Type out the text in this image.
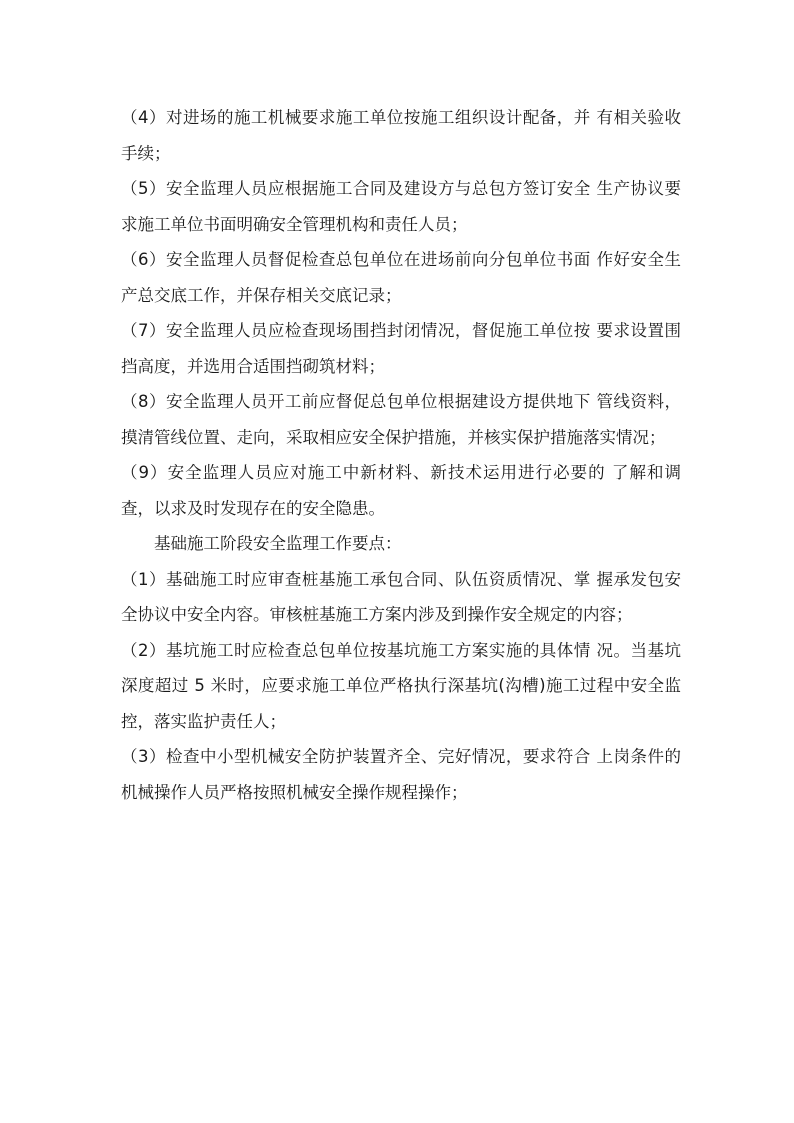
（4）对进场的施工机械要求施工单位按施工组织设计配备，并 有相关验收手续；

（5）安全监理人员应根据施工合同及建设方与总包方签订安全 生产协议要求施工单位书面明确安全管理机构和责任人员；

（6）安全监理人员督促检查总包单位在进场前向分包单位书面 作好安全生产总交底工作，并保存相关交底记录；

（7）安全监理人员应检查现场围挡封闭情况，督促施工单位按 要求设置围挡高度，并选用合适围挡砌筑材料；

（8）安全监理人员开工前应督促总包单位根据建设方提供地下 管线资料，摸清管线位置、走向，采取相应安全保护措施，并核实保护措施落实情况；

（9）安全监理人员应对施工中新材料、新技术运用进行必要的 了解和调查，以求及时发现存在的安全隐患。

基础施工阶段安全监理工作要点：

（1）基础施工时应审查桩基施工承包合同、队伍资质情况、掌 握承发包安全协议中安全内容。审核桩基施工方案内涉及到操作安全规定的内容；

（2）基坑施工时应检查总包单位按基坑施工方案实施的具体情 况。当基坑深度超过 5 米时，应要求施工单位严格执行深基坑(沟槽)施工过程中安全监控，落实监护责任人；

（3）检查中小型机械安全防护装置齐全、完好情况，要求符合 上岗条件的机械操作人员严格按照机械安全操作规程操作；
